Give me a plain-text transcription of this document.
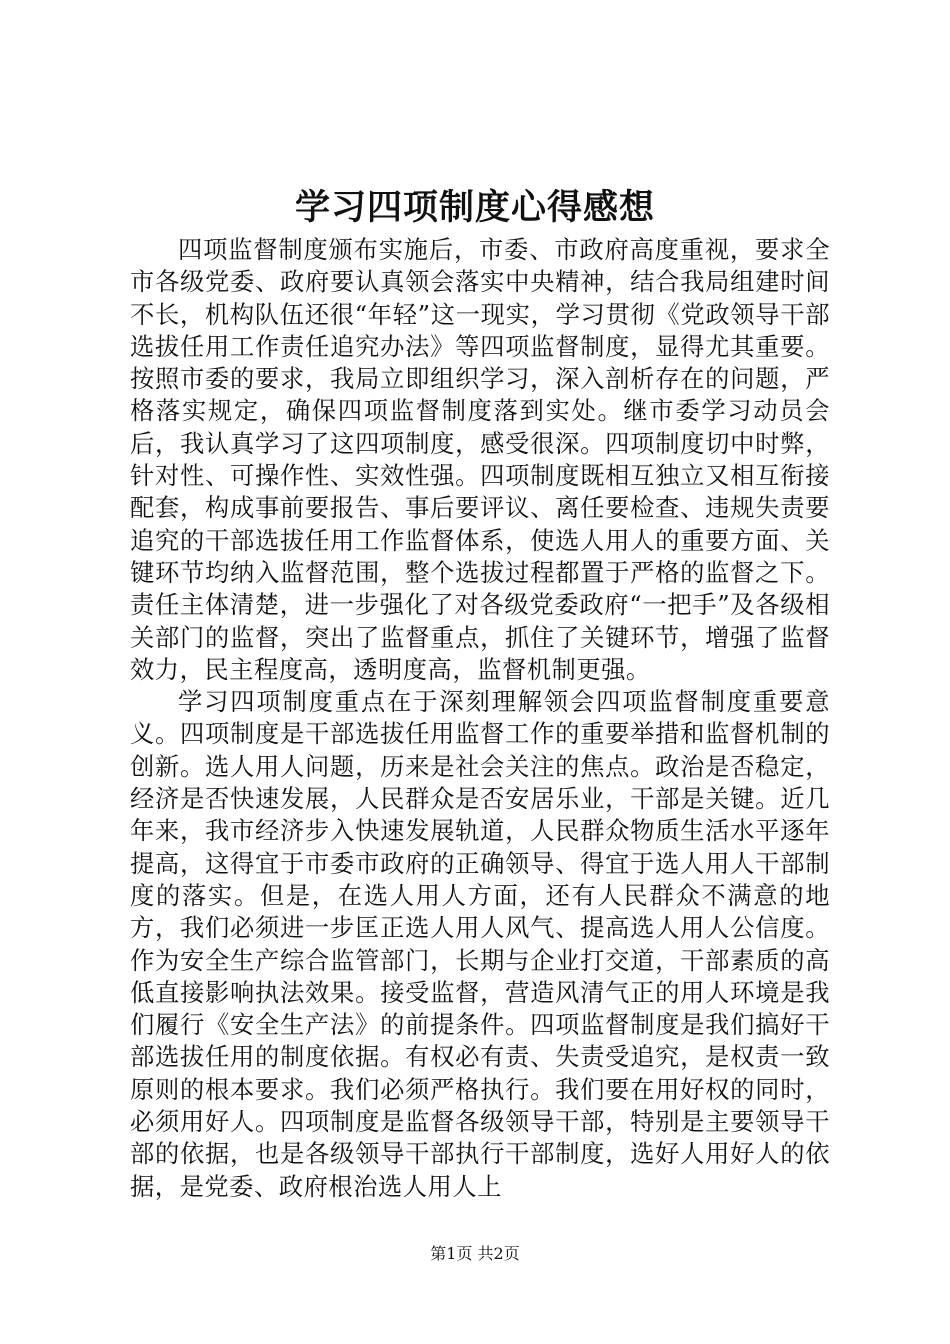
学习四项制度心得感想

四项监督制度颁布实施后，市委、市政府高度重视，要求全市各级党委、政府要认真领会落实中央精神，结合我局组建时间不长，机构队伍还很“年轻”这一现实，学习贯彻《党政领导干部选拔任用工作责任追究办法》等四项监督制度，显得尤其重要。按照市委的要求，我局立即组织学习，深入剖析存在的问题，严格落实规定，确保四项监督制度落到实处。继市委学习动员会后，我认真学习了这四项制度，感受很深。四项制度切中时弊，针对性、可操作性、实效性强。四项制度既相互独立又相互衔接配套，构成事前要报告、事后要评议、离任要检查、违规失责要追究的干部选拔任用工作监督体系，使选人用人的重要方面、关键环节均纳入监督范围，整个选拔过程都置于严格的监督之下。责任主体清楚，进一步强化了对各级党委政府“一把手”及各级相关部门的监督，突出了监督重点，抓住了关键环节，增强了监督效力，民主程度高，透明度高，监督机制更强。

学习四项制度重点在于深刻理解领会四项监督制度重要意义。四项制度是干部选拔任用监督工作的重要举措和监督机制的创新。选人用人问题，历来是社会关注的焦点。政治是否稳定，经济是否快速发展，人民群众是否安居乐业，干部是关键。近几年来，我市经济步入快速发展轨道，人民群众物质生活水平逐年提高，这得宜于市委市政府的正确领导、得宜于选人用人干部制度的落实。但是，在选人用人方面，还有人民群众不满意的地方，我们必须进一步匡正选人用人风气、提高选人用人公信度。作为安全生产综合监管部门，长期与企业打交道，干部素质的高低直接影响执法效果。接受监督，营造风清气正的用人环境是我们履行《安全生产法》的前提条件。四项监督制度是我们搞好干部选拔任用的制度依据。有权必有责、失责受追究，是权责一致原则的根本要求。我们必须严格执行。我们要在用好权的同时，必须用好人。四项制度是监督各级领导干部，特别是主要领导干部的依据，也是各级领导干部执行干部制度，选好人用好人的依据，是党委、政府根治选人用人上

第1页 共2页
